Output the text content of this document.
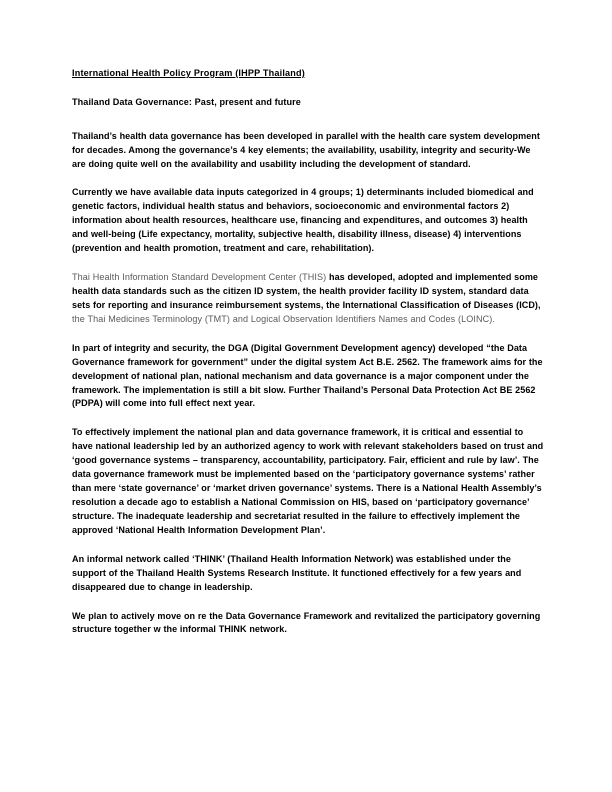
International Health Policy Program (IHPP Thailand)
Thailand Data Governance: Past, present and future

Thailand’s health data governance has been developed in parallel with the health care system development for decades. Among the governance’s 4 key elements; the availability, usability, integrity and security-We are doing quite well on the availability and usability including the development of standard.

Currently we have available data inputs categorized in 4 groups; 1) determinants included biomedical and genetic factors, individual health status and behaviors, socioeconomic and environmental factors 2) information about health resources, healthcare use, financing and expenditures, and outcomes 3) health and well-being (Life expectancy, mortality, subjective health, disability illness, disease) 4) interventions (prevention and health promotion, treatment and care, rehabilitation).

Thai Health Information Standard Development Center (THIS) has developed, adopted and implemented some health data standards such as the citizen ID system, the health provider facility ID system, standard data sets for reporting and insurance reimbursement systems, the International Classification of Diseases (ICD), the Thai Medicines Terminology (TMT) and Logical Observation Identifiers Names and Codes (LOINC).

In part of integrity and security, the DGA (Digital Government Development agency) developed “the Data Governance framework for government” under the digital system Act B.E. 2562. The framework aims for the development of national plan, national mechanism and data governance is a major component under the framework. The implementation is still a bit slow. Further Thailand’s Personal Data Protection Act BE 2562 (PDPA) will come into full effect next year.

To effectively implement the national plan and data governance framework, it is critical and essential to have national leadership led by an authorized agency to work with relevant stakeholders based on trust and ‘good governance systems – transparency, accountability, participatory. Fair, efficient and rule by law’. The data governance framework must be implemented based on the ‘participatory governance systems’ rather than mere ‘state governance’ or ‘market driven governance’ systems. There is a National Health Assembly’s resolution a decade ago to establish a National Commission on HIS, based on ‘participatory governance’ structure. The inadequate leadership and secretariat resulted in the failure to effectively implement the approved ‘National Health Information Development Plan’.

An informal network called ‘THINK’ (Thailand Health Information Network) was established under the support of the Thailand Health Systems Research Institute. It functioned effectively for a few years and disappeared due to change in leadership.

We plan to actively move on re the Data Governance Framework and revitalized the participatory governing structure together w the informal THINK network.
